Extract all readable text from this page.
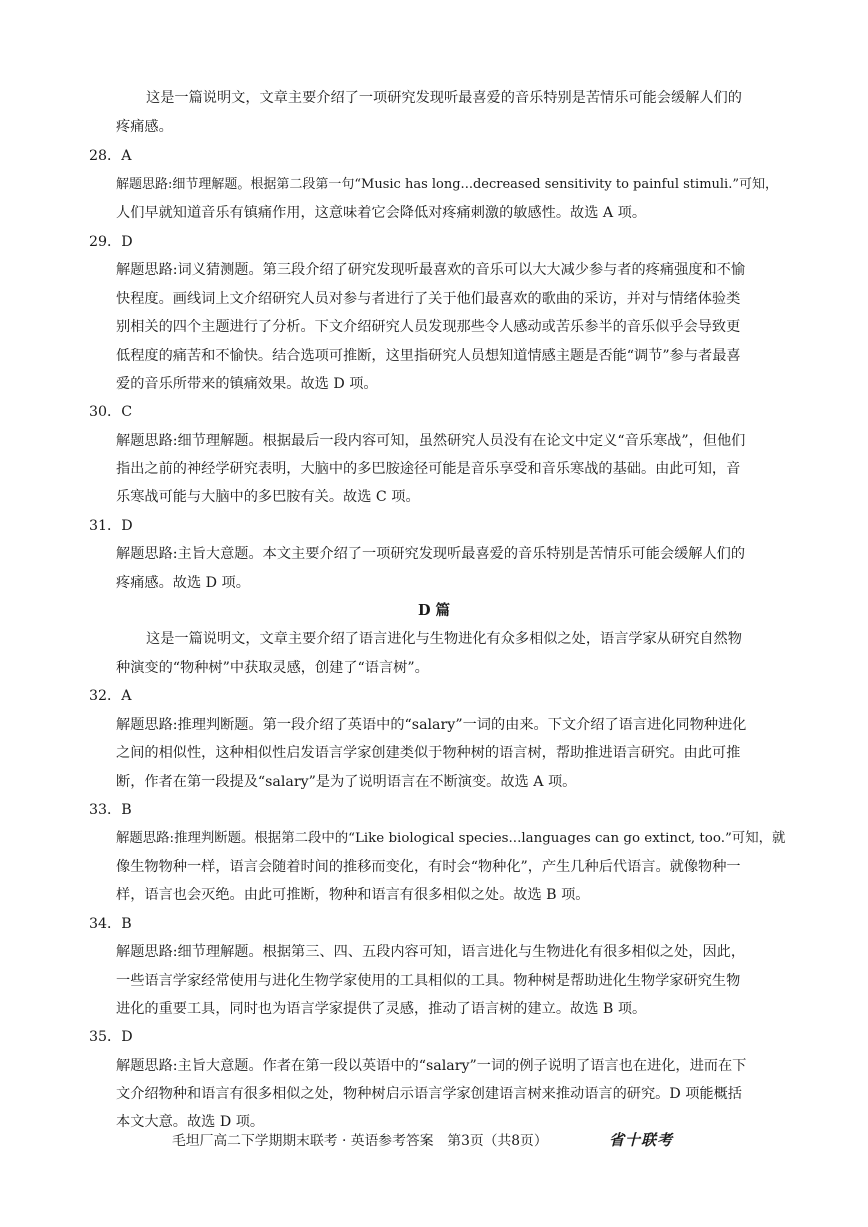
这是一篇说明文，文章主要介绍了一项研究发现听最喜爱的音乐特别是苦情乐可能会缓解人们的
疼痛感。
28．A
解题思路:细节理解题。根据第二段第一句“Music has long...decreased sensitivity to painful stimuli.”可知，
人们早就知道音乐有镇痛作用，这意味着它会降低对疼痛刺激的敏感性。故选 A 项。
29．D
解题思路:词义猜测题。第三段介绍了研究发现听最喜欢的音乐可以大大减少参与者的疼痛强度和不愉
快程度。画线词上文介绍研究人员对参与者进行了关于他们最喜欢的歌曲的采访，并对与情绪体验类
别相关的四个主题进行了分析。下文介绍研究人员发现那些令人感动或苦乐参半的音乐似乎会导致更
低程度的痛苦和不愉快。结合选项可推断，这里指研究人员想知道情感主题是否能“调节”参与者最喜
爱的音乐所带来的镇痛效果。故选 D 项。
30．C
解题思路:细节理解题。根据最后一段内容可知，虽然研究人员没有在论文中定义“音乐寒战”，但他们
指出之前的神经学研究表明，大脑中的多巴胺途径可能是音乐享受和音乐寒战的基础。由此可知，音
乐寒战可能与大脑中的多巴胺有关。故选 C 项。
31．D
解题思路:主旨大意题。本文主要介绍了一项研究发现听最喜爱的音乐特别是苦情乐可能会缓解人们的
疼痛感。故选 D 项。
D 篇
这是一篇说明文，文章主要介绍了语言进化与生物进化有众多相似之处，语言学家从研究自然物
种演变的“物种树”中获取灵感，创建了“语言树”。
32．A
解题思路:推理判断题。第一段介绍了英语中的“salary”一词的由来。下文介绍了语言进化同物种进化
之间的相似性，这种相似性启发语言学家创建类似于物种树的语言树，帮助推进语言研究。由此可推
断，作者在第一段提及“salary”是为了说明语言在不断演变。故选 A 项。
33．B
解题思路:推理判断题。根据第二段中的“Like biological species...languages can go extinct, too.”可知，就
像生物物种一样，语言会随着时间的推移而变化，有时会“物种化”，产生几种后代语言。就像物种一
样，语言也会灭绝。由此可推断，物种和语言有很多相似之处。故选 B 项。
34．B
解题思路:细节理解题。根据第三、四、五段内容可知，语言进化与生物进化有很多相似之处，因此，
一些语言学家经常使用与进化生物学家使用的工具相似的工具。物种树是帮助进化生物学家研究生物
进化的重要工具，同时也为语言学家提供了灵感，推动了语言树的建立。故选 B 项。
35．D
解题思路:主旨大意题。作者在第一段以英语中的“salary”一词的例子说明了语言也在进化，进而在下
文介绍物种和语言有很多相似之处，物种树启示语言学家创建语言树来推动语言的研究。D 项能概括
本文大意。故选 D 项。
毛坦厂高二下学期期末联考 · 英语参考答案　第3页（共8页）	省十联考
